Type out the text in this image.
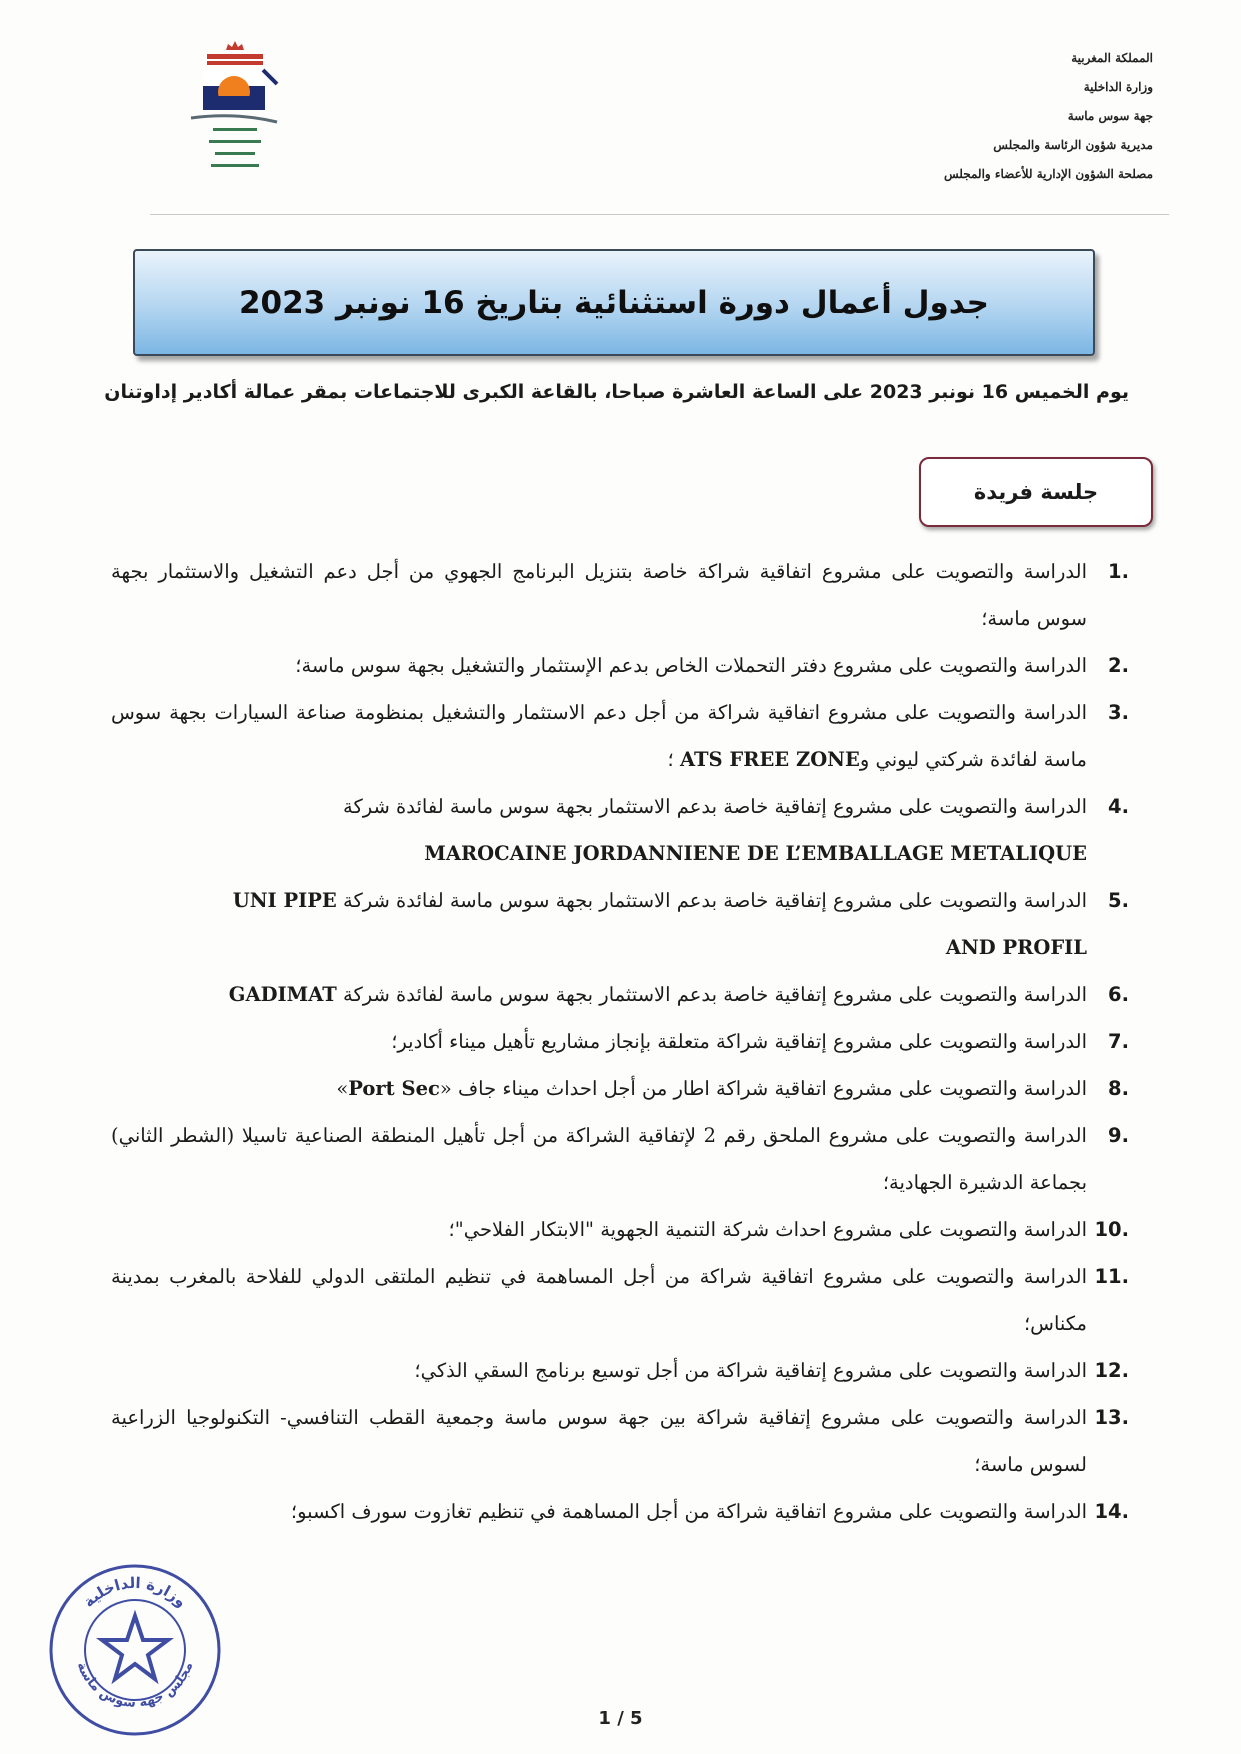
المملكة المغربية
وزارة الداخلية
جهة سوس ماسة
مديرية شؤون الرئاسة والمجلس
مصلحة الشؤون الإدارية للأعضاء والمجلس
جدول أعمال دورة استثنائية بتاريخ 16 نونبر 2023
يوم الخميس 16 نونبر 2023 على الساعة العاشرة صباحا، بالقاعة الكبرى للاجتماعات بمقر عمالة أكادير إداوتنان
جلسة فريدة
1.
الدراسة والتصويت على مشروع اتفاقية شراكة خاصة بتنزيل البرنامج الجهوي من أجل دعم التشغيل والاستثمار بجهة سوس ماسة؛
2.
الدراسة والتصويت على مشروع دفتر التحملات الخاص بدعم الإستثمار والتشغيل بجهة سوس ماسة؛
3.
الدراسة والتصويت على مشروع اتفاقية شراكة من أجل دعم الاستثمار والتشغيل بمنظومة صناعة السيارات بجهة سوس ماسة لفائدة شركتي ليوني وATS FREE ZONE ؛
4.
الدراسة والتصويت على مشروع إتفاقية خاصة بدعم الاستثمار بجهة سوس ماسة لفائدة شركة
MAROCAINE JORDANNIENE DE L’EMBALLAGE METALIQUE
5.
الدراسة والتصويت على مشروع إتفاقية خاصة بدعم الاستثمار بجهة سوس ماسة لفائدة شركة UNI PIPE
AND PROFIL
6.
الدراسة والتصويت على مشروع إتفاقية خاصة بدعم الاستثمار بجهة سوس ماسة لفائدة شركة GADIMAT
7.
الدراسة والتصويت على مشروع إتفاقية شراكة متعلقة بإنجاز مشاريع تأهيل ميناء أكادير؛
8.
الدراسة والتصويت على مشروع اتفاقية شراكة اطار من أجل احداث ميناء جاف «Port Sec»
9.
الدراسة والتصويت على مشروع الملحق رقم 2 لإتفاقية الشراكة من أجل تأهيل المنطقة الصناعية تاسيلا (الشطر الثاني) بجماعة الدشيرة الجهادية؛
10.
الدراسة والتصويت على مشروع احداث شركة التنمية الجهوية "الابتكار الفلاحي"؛
11.
الدراسة والتصويت على مشروع اتفاقية شراكة من أجل المساهمة في تنظيم الملتقى الدولي للفلاحة بالمغرب بمدينة مكناس؛
12.
الدراسة والتصويت على مشروع إتفاقية شراكة من أجل توسيع برنامج السقي الذكي؛
13.
الدراسة والتصويت على مشروع إتفاقية شراكة بين جهة سوس ماسة وجمعية القطب التنافسي- التكنولوجيا الزراعية لسوس ماسة؛
14.
الدراسة والتصويت على مشروع اتفاقية شراكة من أجل المساهمة في تنظيم تغازوت سورف اكسبو؛
وزارة الداخلية
مجلس جهة سوس ماسة
1 / 5
